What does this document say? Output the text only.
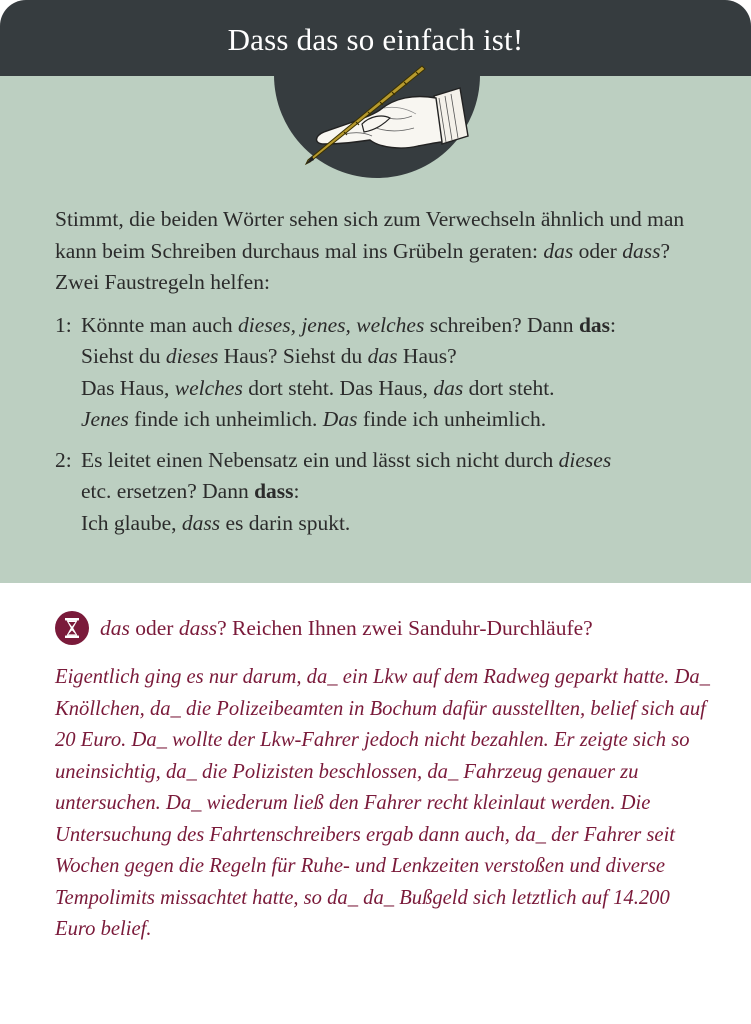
Dass das so einfach ist!

Stimmt, die beiden Wörter sehen sich zum Verwechseln ähnlich und man kann beim Schreiben durchaus mal ins Grübeln geraten: das oder dass? Zwei Faustregeln helfen:

1: Könnte man auch dieses, jenes, welches schreiben? Dann das:
Siehst du dieses Haus? Siehst du das Haus?
Das Haus, welches dort steht. Das Haus, das dort steht.
Jenes finde ich unheimlich. Das finde ich unheimlich.
2: Es leitet einen Nebensatz ein und lässt sich nicht durch dieses
etc. ersetzen? Dann dass:
Ich glaube, dass es darin spukt.
das oder dass? Reichen Ihnen zwei Sanduhr-Durchläufe?
Eigentlich ging es nur darum, da_ ein Lkw auf dem Radweg geparkt hatte. Da_ Knöllchen, da_ die Polizeibeamten in Bochum dafür ausstellten, belief sich auf 20 Euro. Da_ wollte der Lkw-Fahrer jedoch nicht bezahlen. Er zeigte sich so uneinsichtig, da_ die Polizisten beschlossen, da_ Fahrzeug genauer zu untersuchen. Da_ wiederum ließ den Fahrer recht kleinlaut werden. Die Untersuchung des Fahrtenschreibers ergab dann auch, da_ der Fahrer seit Wochen gegen die Regeln für Ruhe- und Lenkzeiten verstoßen und diverse Tempolimits missachtet hatte, so da_ da_ Bußgeld sich letztlich auf 14.200 Euro belief.
